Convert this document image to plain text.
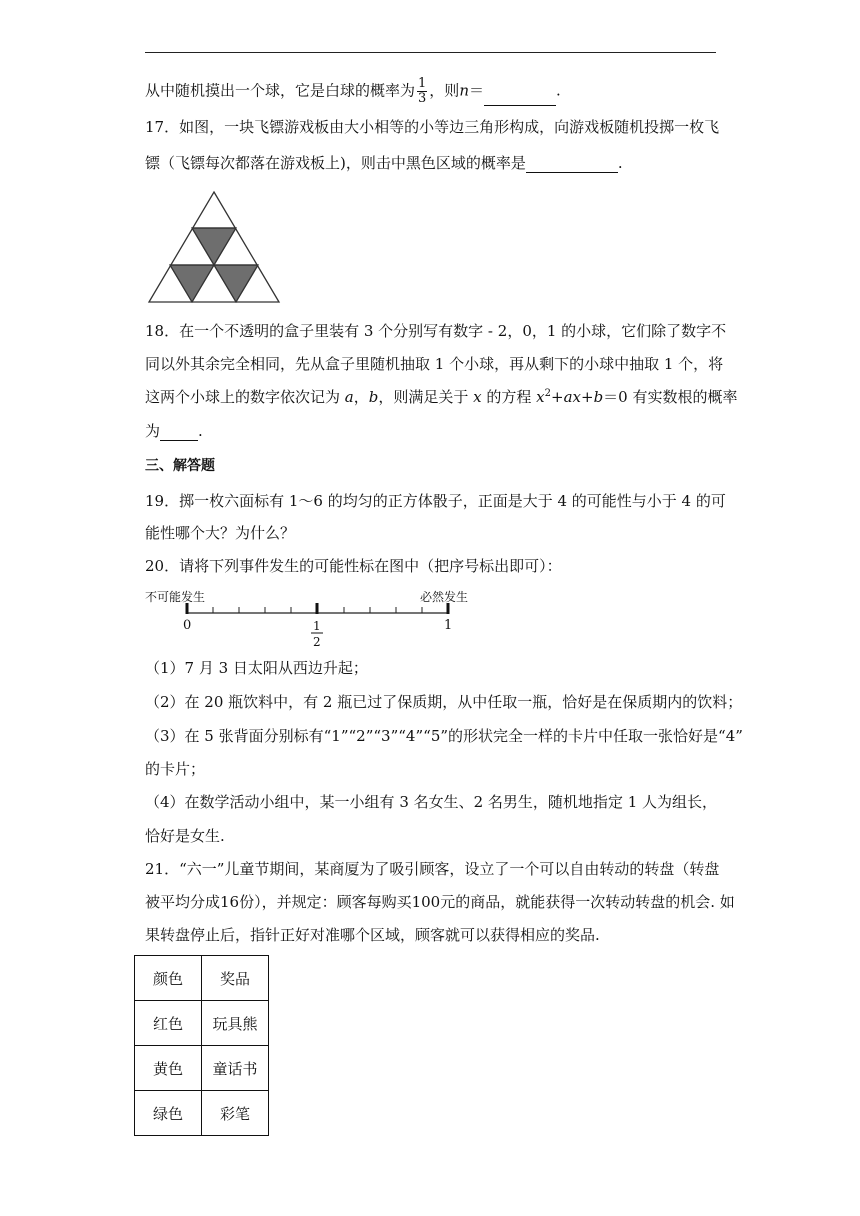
从中随机摸出一个球，它是白球的概率为 $\frac{1}{3}$ ，则n＝	.
17．如图，一块飞镖游戏板由大小相等的小等边三角形构成，向游戏板随机投掷一枚飞
镖（飞镖每次都落在游戏板上)，则击中黑色区域的概率是	.
18．在一个不透明的盒子里装有 3 个分别写有数字 - 2，0，1 的小球，它们除了数字不
同以外其余完全相同，先从盒子里随机抽取 1 个小球，再从剩下的小球中抽取 1 个，将
这两个小球上的数字依次记为 a，b，则满足关于 x 的方程 $x^2+ax+b=0$ 有实数根的概率
为	.
三、解答题
19．掷一枚六面标有 1～6 的均匀的正方体骰子，正面是大于 4 的可能性与小于 4 的可
能性哪个大？为什么？
20．请将下列事件发生的可能性标在图中（把序号标出即可）：
不可能发生	必然发生
0	1
2
1
（1）7 月 3 日太阳从西边升起；
（2）在 20 瓶饮料中，有 2 瓶已过了保质期，从中任取一瓶，恰好是在保质期内的饮料；
（3）在 5 张背面分别标有“1”“2”“3”“4”“5”的形状完全一样的卡片中任取一张恰好是“4”
的卡片；
（4）在数学活动小组中，某一小组有 3 名女生、2 名男生，随机地指定 1 人为组长，
恰好是女生.
21．“六一”儿童节期间，某商厦为了吸引顾客，设立了一个可以自由转动的转盘（转盘
被平均分成16份），并规定：顾客每购买100元的商品，就能获得一次转动转盘的机会. 如
果转盘停止后，指针正好对准哪个区域，顾客就可以获得相应的奖品.
颜色	奖品
红色	玩具熊
黄色	童话书
绿色	彩笔
